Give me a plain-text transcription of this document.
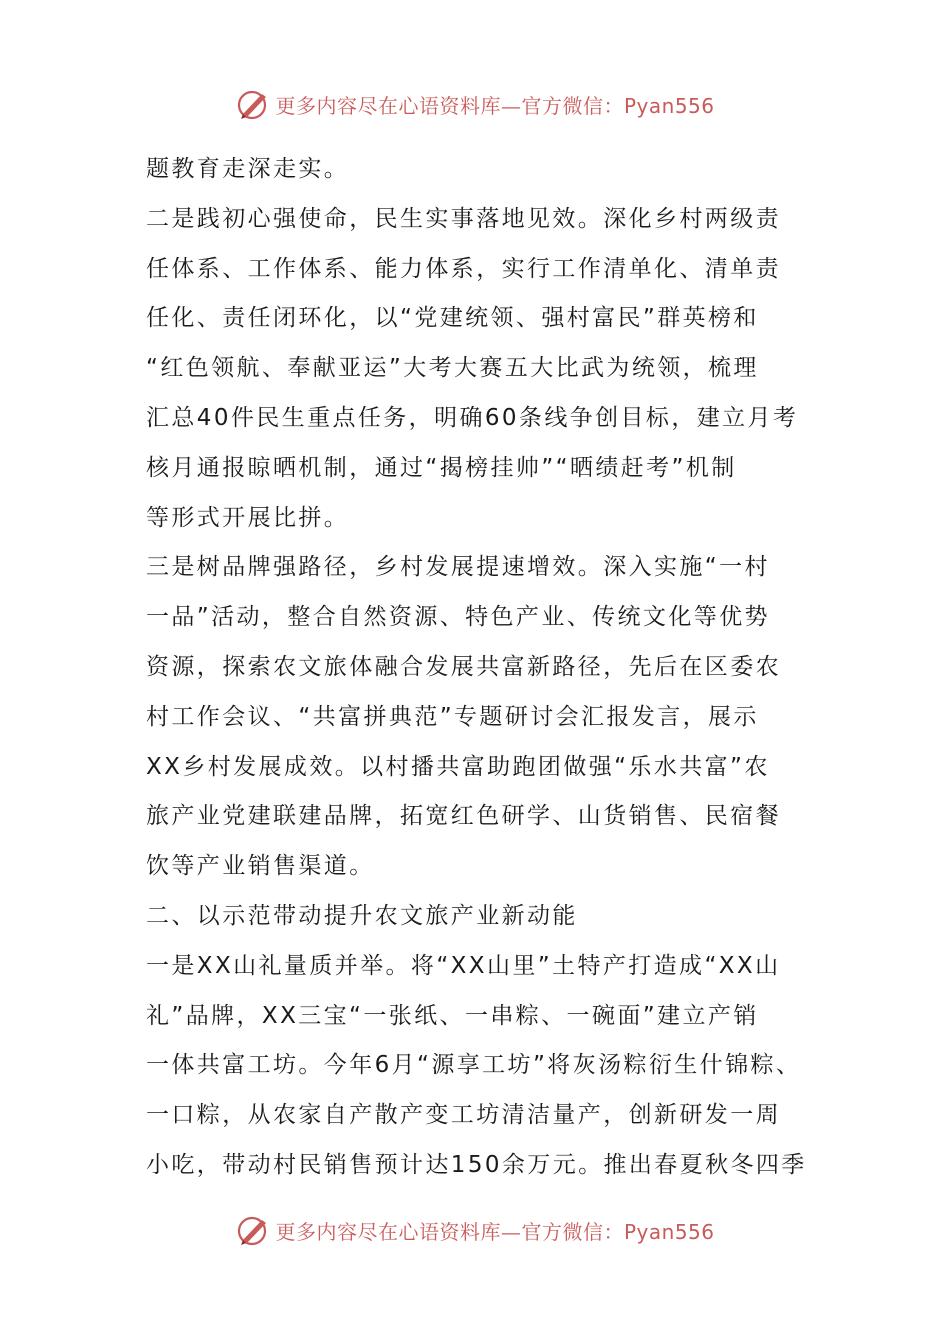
更多内容尽在心语资料库—官方微信：Pyan556
题教育走深走实。
二是践初心强使命，民生实事落地见效。深化乡村两级责
任体系、工作体系、能力体系，实行工作清单化、清单责
任化、责任闭环化，以“党建统领、强村富民”群英榜和
“红色领航、奉献亚运”大考大赛五大比武为统领，梳理
汇总40件民生重点任务，明确60条线争创目标，建立月考
核月通报晾晒机制，通过“揭榜挂帅”“晒绩赶考”机制
等形式开展比拼。
三是树品牌强路径，乡村发展提速增效。深入实施“一村
一品”活动，整合自然资源、特色产业、传统文化等优势
资源，探索农文旅体融合发展共富新路径，先后在区委农
村工作会议、“共富拼典范”专题研讨会汇报发言，展示
XX乡村发展成效。以村播共富助跑团做强“乐水共富”农
旅产业党建联建品牌，拓宽红色研学、山货销售、民宿餐
饮等产业销售渠道。
二、以示范带动提升农文旅产业新动能
一是XX山礼量质并举。将“XX山里”土特产打造成“XX山
礼”品牌，XX三宝“一张纸、一串粽、一碗面”建立产销
一体共富工坊。今年6月“源享工坊”将灰汤粽衍生什锦粽、
一口粽，从农家自产散产变工坊清洁量产，创新研发一周
小吃，带动村民销售预计达150余万元。推出春夏秋冬四季
更多内容尽在心语资料库—官方微信：Pyan556
